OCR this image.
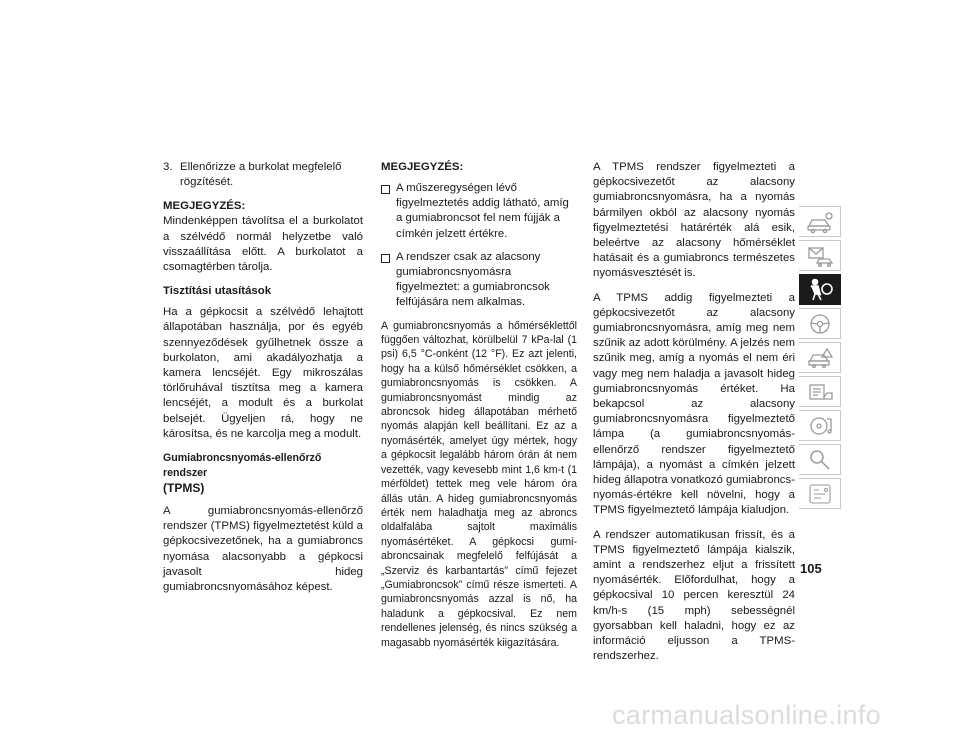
3. Ellenőrizze a burkolat megfelelő rögzítését.

MEGJEGYZÉS:

Mindenképpen távolítsa el a burkolatot a szélvédő normál helyzetbe való visszaállítása előtt. A burkolatot a csomagtérben tárolja.

Tisztítási utasítások

Ha a gépkocsit a szélvédő lehajtott állapotában használja, por és egyéb szennyeződések gyűlhetnek össze a burkolaton, ami akadályozhatja a kamera lencséjét. Egy mikroszálas törlőruhával tisztítsa meg a kamera lencséjét, a modult és a burkolat belsejét. Ügyeljen rá, hogy ne károsítsa, és ne karcolja meg a modult.

Gumiabroncsnyomás-ellenőrző rendszer
(TPMS)

A gumiabroncsnyomás-ellenőrző rendszer (TPMS) figyelmeztetést küld a gépkocsivezetőnek, ha a gumiabroncs nyomása alacsonyabb a gépkocsi javasolt hideg gumiabroncsnyomásához képest.

MEGJEGYZÉS:

A műszeregységen lévő figyelmeztetés addig látható, amíg a gumiabroncsot fel nem fújják a címkén jelzett értékre.
A rendszer csak az alacsony gumiabroncsnyomásra figyelmeztet: a gumiabroncsok felfújására nem alkalmas.

A gumiabroncsnyomás a hőmérséklettől függően változhat, körülbelül 7 kPa-lal (1 psi) 6,5 °C-onként (12 °F). Ez azt jelenti, hogy ha a külső hőmérséklet csökken, a gumiabroncsnyomás is csökken. A gumiabroncsnyomást mindig az abroncsok hideg állapotában mérhető nyomás alapján kell beállítani. Ez az a nyomásérték, amelyet úgy mértek, hogy a gépkocsit legalább három órán át nem vezették, vagy kevesebb mint 1,6 km-t (1 mérföldet) tettek meg vele három óra állás után. A hideg gumiabroncsnyomás érték nem haladhatja meg az abroncs oldalfalába sajtolt maximális nyomásértéket. A gépkocsi gumiabroncsainak megfelelő felfújását a „Szerviz és karbantartás” című fejezet „Gumiabroncsok” című része ismerteti. A gumiabroncsnyomás azzal is nő, ha haladunk a gépkocsival. Ez nem rendellenes jelenség, és nincs szükség a magasabb nyomásérték kiigazítására.

A TPMS rendszer figyelmezteti a gépkocsivezetőt az alacsony gumiabroncsnyomásra, ha a nyomás bármilyen okból az alacsony nyomás figyelmeztetési határérték alá esik, beleértve az alacsony hőmérséklet hatásait és a gumiabroncs természetes nyomásvesztését is.

A TPMS addig figyelmezteti a gépkocsivezetőt az alacsony gumiabroncsnyomásra, amíg meg nem szűnik az adott körülmény. A jelzés nem szűnik meg, amíg a nyomás el nem éri vagy meg nem haladja a javasolt hideg gumiabroncsnyomás értéket. Ha bekapcsol az alacsony gumiabroncsnyomásra figyelmeztető lámpa (a gumiabroncsnyomás-ellenőrző rendszer figyelmeztető lámpája), a nyomást a címkén jelzett hideg állapotra vonatkozó gumiabroncsnyomás-értékre kell növelni, hogy a TPMS figyelmeztető lámpája kialudjon.

A rendszer automatikusan frissít, és a TPMS figyelmeztető lámpája kialszik, amint a rendszerhez eljut a frissített nyomásérték. Előfordulhat, hogy a gépkocsival 10 percen keresztül 24 km/h-s (15 mph) sebességnél gyorsabban kell haladni, hogy ez az információ eljusson a TPMS-rendszerhez.

105
carmanualsonline.info
